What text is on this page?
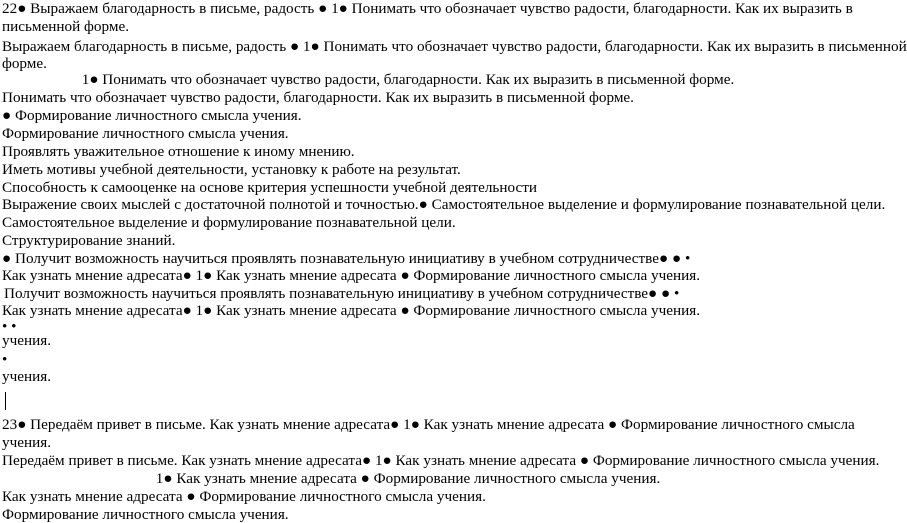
22● Выражаем благодарность в письме, радость ● 1● Понимать что обозначает чувство радости, благодарности. Как их выразить в
письменной форме.
Выражаем благодарность в письме, радость ● 1● Понимать что обозначает чувство радости, благодарности. Как их выразить в письменной
форме.
1● Понимать что обозначает чувство радости, благодарности. Как их выразить в письменной форме.
Понимать что обозначает чувство радости, благодарности. Как их выразить в письменной форме.
● Формирование личностного смысла учения.
Формирование личностного смысла учения.
Проявлять уважительное отношение к иному мнению.
Иметь мотивы учебной деятельности, установку к работе на результат.
Способность к самооценке на основе критерия успешности учебной деятельности
Выражение своих мыслей с достаточной полнотой и точностью.● Самостоятельное выделение и формулирование познавательной цели.
Самостоятельное выделение и формулирование познавательной цели.
Структурирование знаний.
● Получит возможность научиться проявлять познавательную инициативу в учебном сотрудничестве● ● •
Как узнать мнение адресата● 1● Как узнать мнение адресата ● Формирование личностного смысла учения.
Получит возможность научиться проявлять познавательную инициативу в учебном сотрудничестве● ● •
Как узнать мнение адресата● 1● Как узнать мнение адресата ● Формирование личностного смысла учения.
• •
учения.
•
учения.
23● Передаём привет в письме. Как узнать мнение адресата● 1● Как узнать мнение адресата ● Формирование личностного смысла
учения.
Передаём привет в письме. Как узнать мнение адресата● 1● Как узнать мнение адресата ● Формирование личностного смысла учения.
1● Как узнать мнение адресата ● Формирование личностного смысла учения.
Как узнать мнение адресата ● Формирование личностного смысла учения.
Формирование личностного смысла учения.
